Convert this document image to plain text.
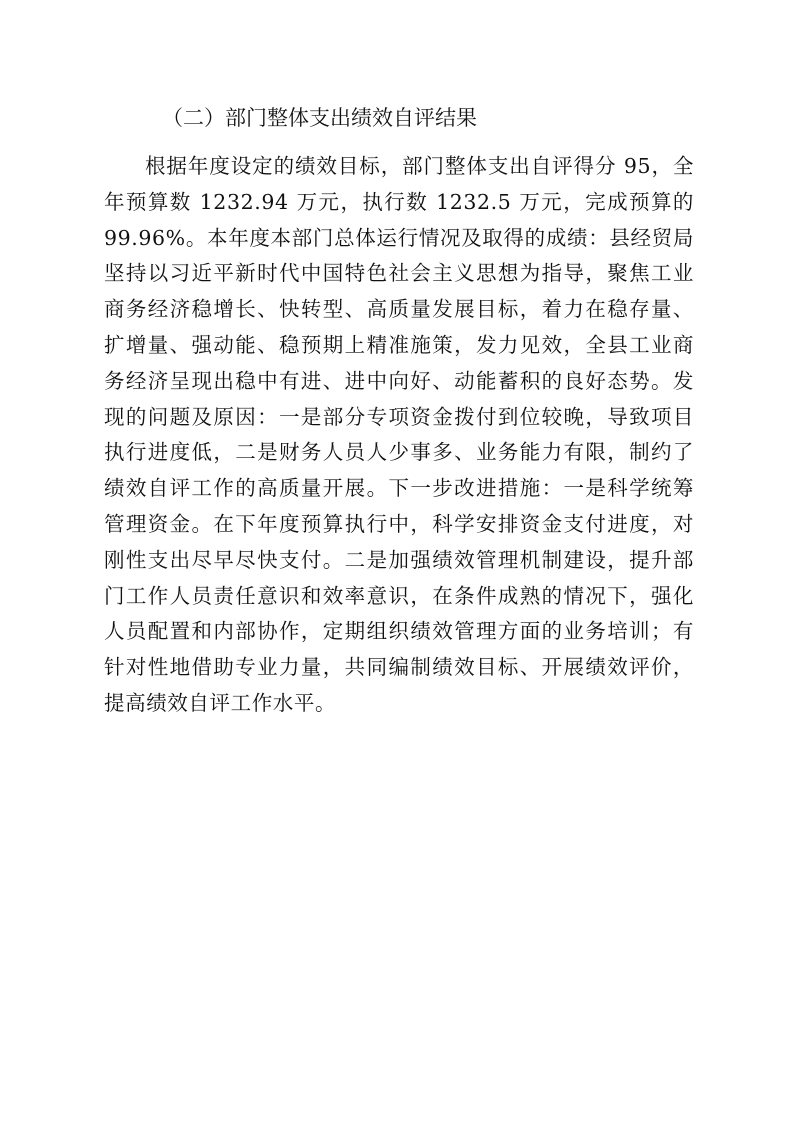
（二）部门整体支出绩效自评结果

根据年度设定的绩效目标，部门整体支出自评得分 95，全年预算数 1232.94 万元，执行数 1232.5 万元，完成预算的 99.96%。本年度本部门总体运行情况及取得的成绩：县经贸局坚持以习近平新时代中国特色社会主义思想为指导，聚焦工业商务经济稳增长、快转型、高质量发展目标，着力在稳存量、扩增量、强动能、稳预期上精准施策，发力见效，全县工业商务经济呈现出稳中有进、进中向好、动能蓄积的良好态势。发现的问题及原因：一是部分专项资金拨付到位较晚，导致项目执行进度低，二是财务人员人少事多、业务能力有限，制约了绩效自评工作的高质量开展。下一步改进措施：一是科学统筹管理资金。在下年度预算执行中，科学安排资金支付进度，对刚性支出尽早尽快支付。二是加强绩效管理机制建设，提升部门工作人员责任意识和效率意识，在条件成熟的情况下，强化人员配置和内部协作，定期组织绩效管理方面的业务培训；有针对性地借助专业力量，共同编制绩效目标、开展绩效评价，提高绩效自评工作水平。
